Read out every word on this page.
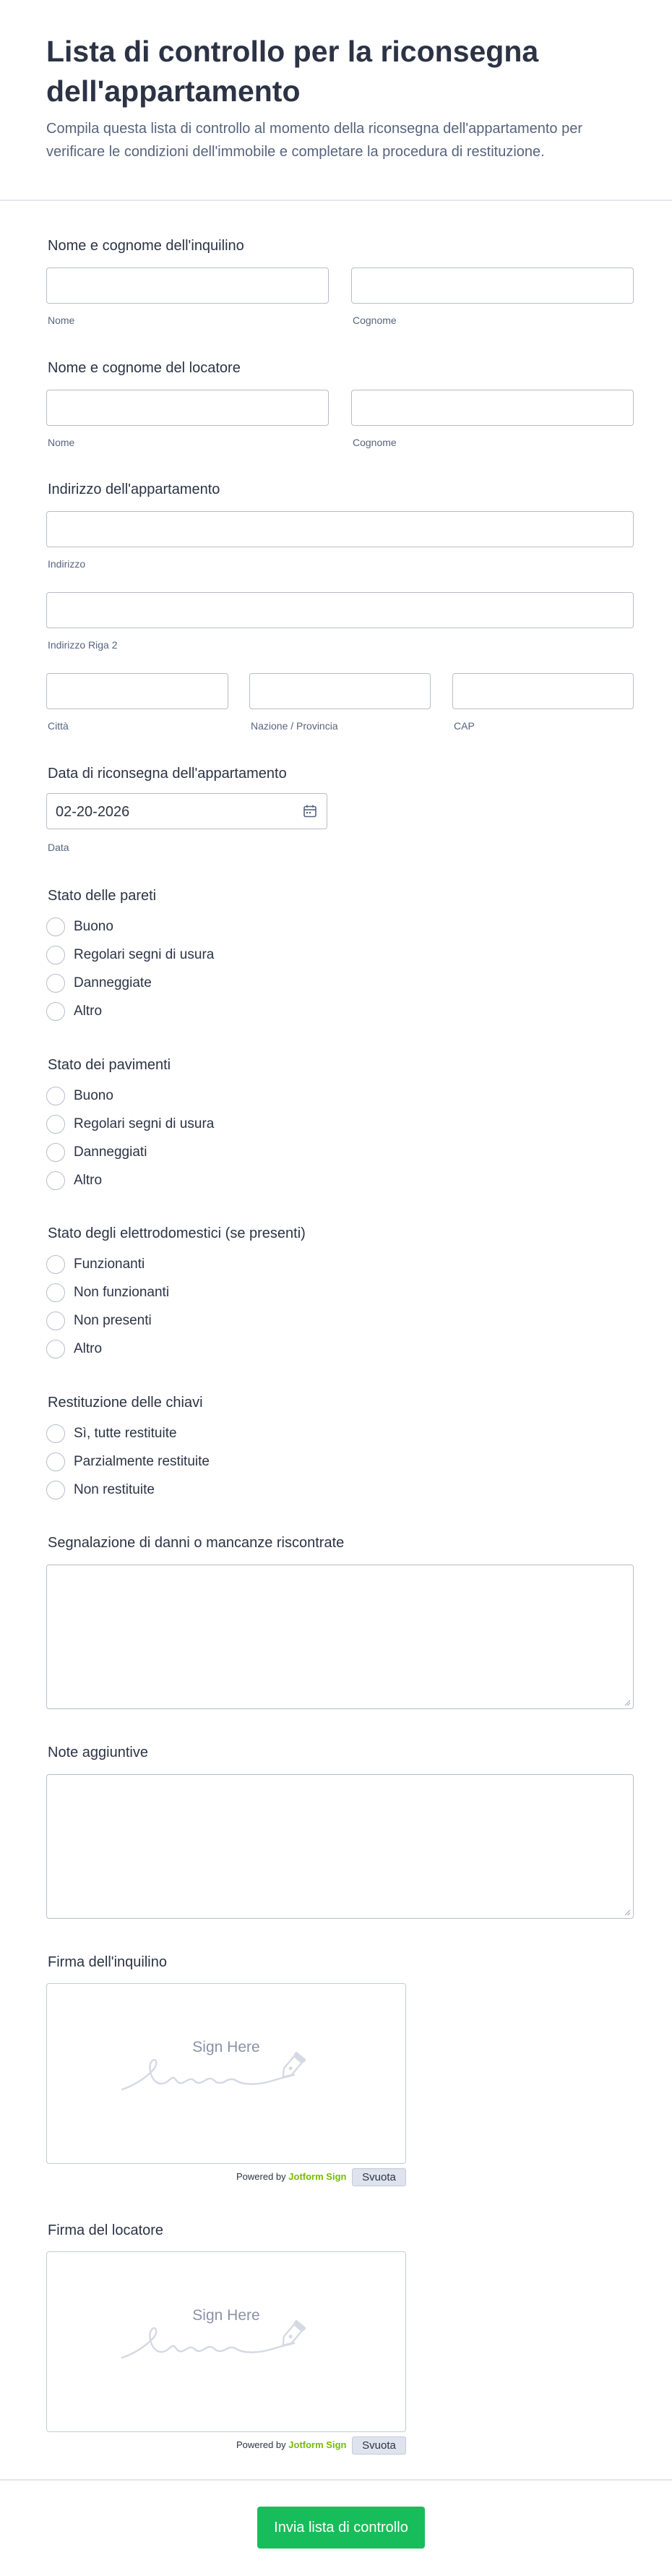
Lista di controllo per la riconsegna dell'appartamento
Compila questa lista di controllo al momento della riconsegna dell'appartamento per verificare le condizioni dell'immobile e completare la procedura di restituzione.
Nome e cognome dell'inquilino
Nome	Cognome
Nome e cognome del locatore
Nome	Cognome
Indirizzo dell'appartamento
Indirizzo
Indirizzo Riga 2
Città	Nazione / Provincia	CAP
Data di riconsegna dell'appartamento
02-20-2026
Data
Stato delle pareti
Buono
Regolari segni di usura
Danneggiate
Altro
Stato dei pavimenti
Buono
Regolari segni di usura
Danneggiati
Altro
Stato degli elettrodomestici (se presenti)
Funzionanti
Non funzionanti
Non presenti
Altro
Restituzione delle chiavi
Sì, tutte restituite
Parzialmente restituite
Non restituite
Segnalazione di danni o mancanze riscontrate
Note aggiuntive
Firma dell'inquilino
Sign Here
Powered by Jotform Sign	Svuota
Firma del locatore
Sign Here
Powered by Jotform Sign	Svuota
Invia lista di controllo
